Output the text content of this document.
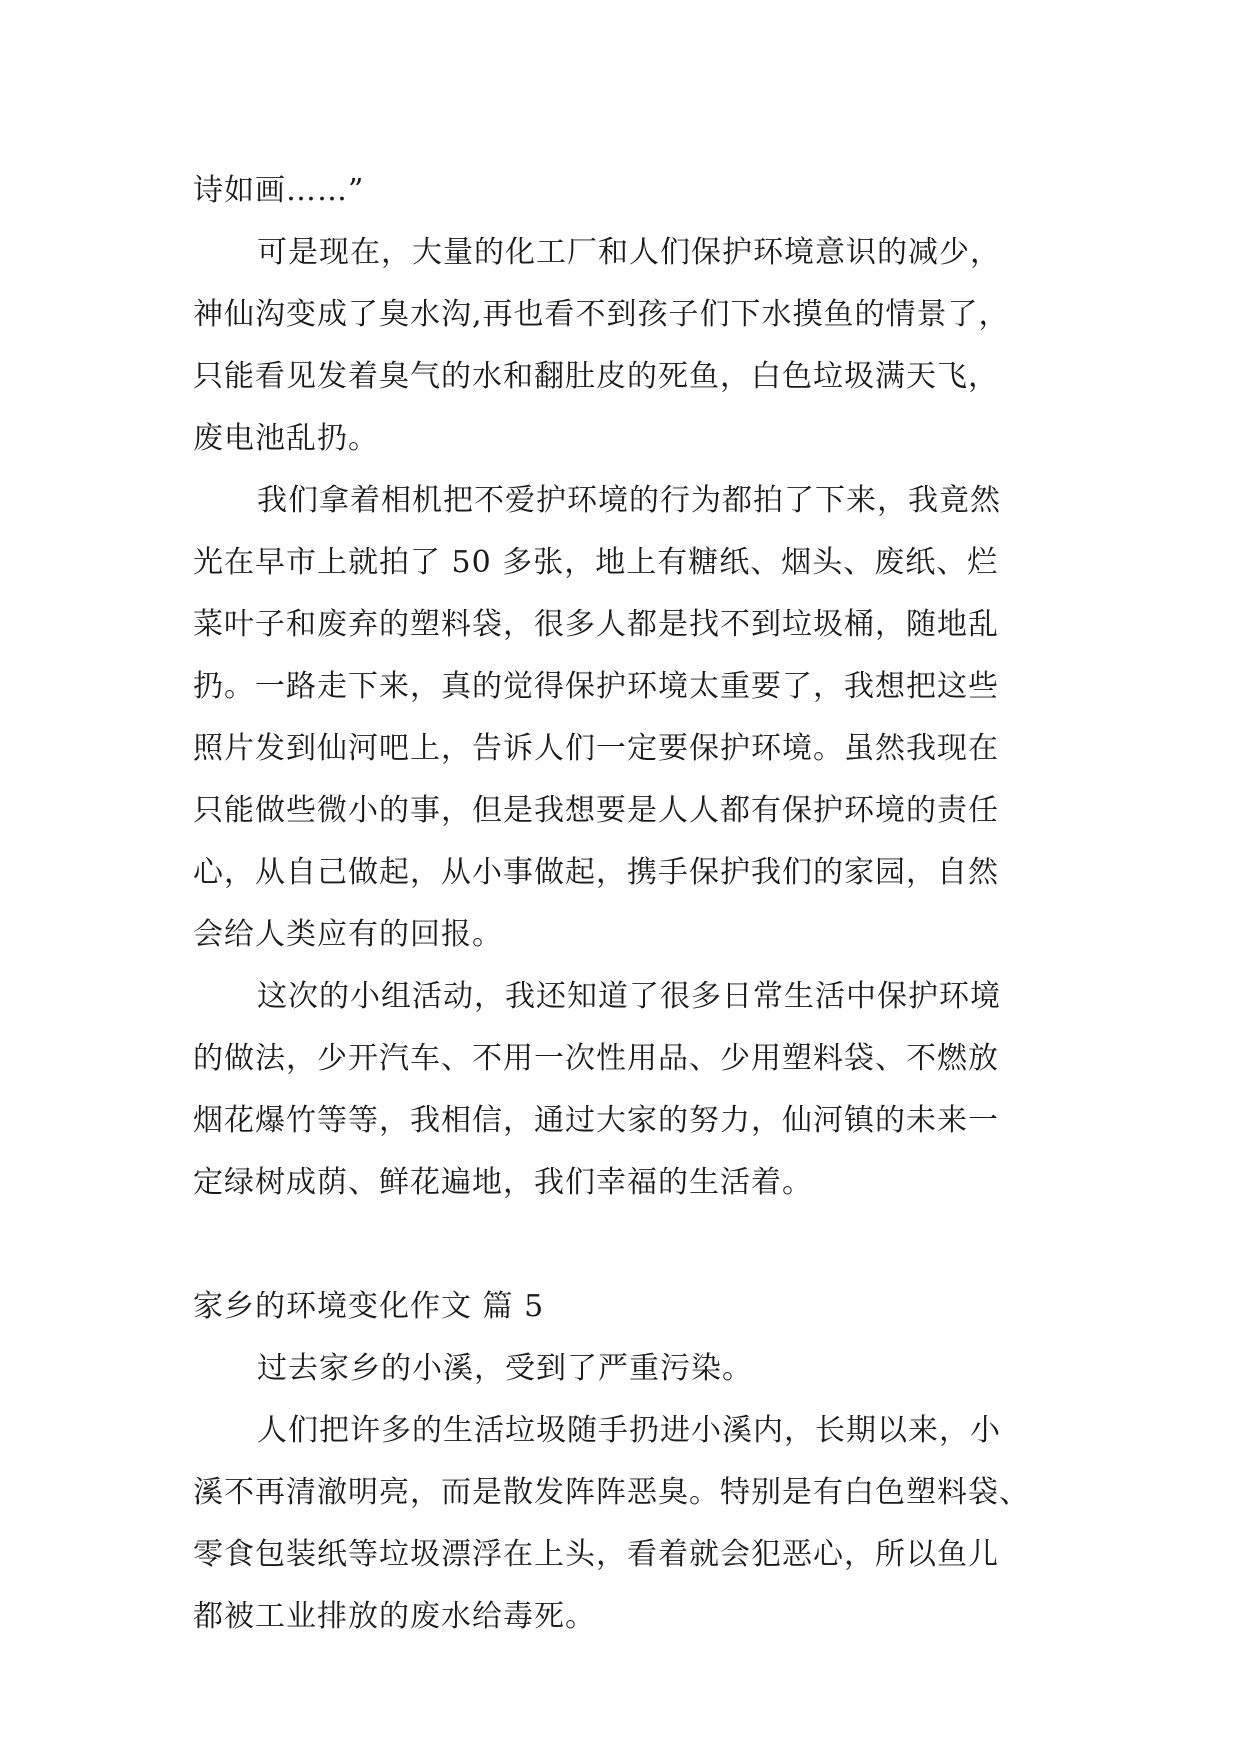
诗如画……”
可是现在，大量的化工厂和人们保护环境意识的减少，
神仙沟变成了臭水沟,再也看不到孩子们下水摸鱼的情景了，
只能看见发着臭气的水和翻肚皮的死鱼，白色垃圾满天飞，
废电池乱扔。
我们拿着相机把不爱护环境的行为都拍了下来，我竟然
光在早市上就拍了 50 多张，地上有糖纸、烟头、废纸、烂
菜叶子和废弃的塑料袋，很多人都是找不到垃圾桶，随地乱
扔。一路走下来，真的觉得保护环境太重要了，我想把这些
照片发到仙河吧上，告诉人们一定要保护环境。虽然我现在
只能做些微小的事，但是我想要是人人都有保护环境的责任
心，从自己做起，从小事做起，携手保护我们的家园，自然
会给人类应有的回报。
这次的小组活动，我还知道了很多日常生活中保护环境
的做法，少开汽车、不用一次性用品、少用塑料袋、不燃放
烟花爆竹等等，我相信，通过大家的努力，仙河镇的未来一
定绿树成荫、鲜花遍地，我们幸福的生活着。
家乡的环境变化作文 篇 5
过去家乡的小溪，受到了严重污染。
人们把许多的生活垃圾随手扔进小溪内，长期以来，小
溪不再清澈明亮，而是散发阵阵恶臭。特别是有白色塑料袋、
零食包装纸等垃圾漂浮在上头，看着就会犯恶心，所以鱼儿
都被工业排放的废水给毒死。
